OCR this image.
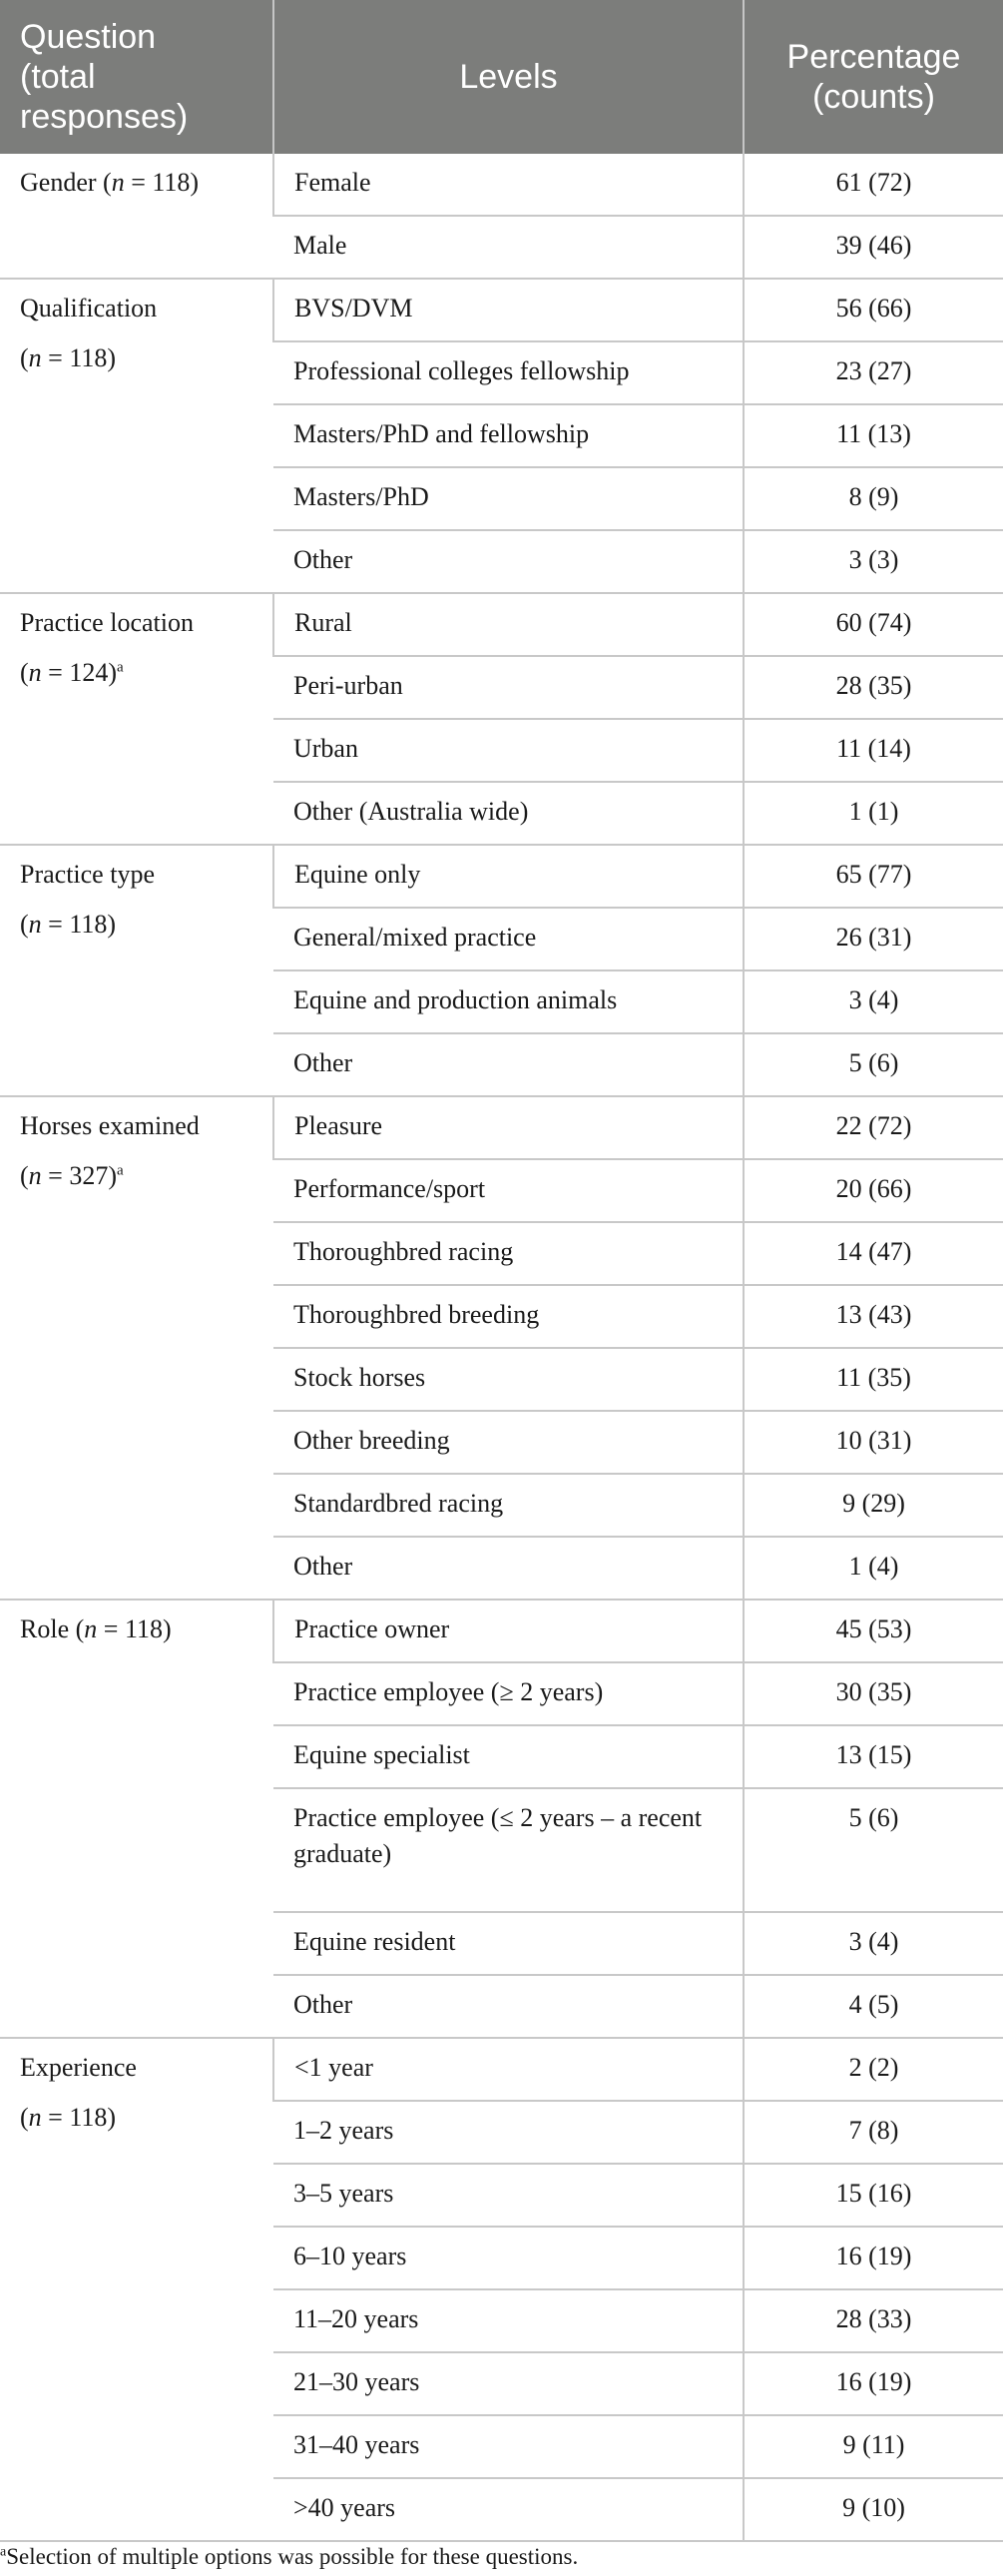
Question
(total
responses)	Levels	Percentage
(counts)

Gender (n = 118)	Female	61 (72)
	Male	39 (46)
Qualification
(n = 118)	BVS/DVM	56 (66)
	Professional colleges fellowship	23 (27)
	Masters/PhD and fellowship	11 (13)
	Masters/PhD	8 (9)
	Other	3 (3)
Practice location
(n = 124)$^a$	Rural	60 (74)
	Peri-urban	28 (35)
	Urban	11 (14)
	Other (Australia wide)	1 (1)
Practice type
(n = 118)	Equine only	65 (77)
	General/mixed practice	26 (31)
	Equine and production animals	3 (4)
	Other	5 (6)
Horses examined
(n = 327)$^a$	Pleasure	22 (72)
	Performance/sport	20 (66)
	Thoroughbred racing	14 (47)
	Thoroughbred breeding	13 (43)
	Stock horses	11 (35)
	Other breeding	10 (31)
	Standardbred racing	9 (29)
	Other	1 (4)
Role (n = 118)	Practice owner	45 (53)
	Practice employee (≥ 2 years)	30 (35)
	Equine specialist	13 (15)
	Practice employee (≤ 2 years – a recent graduate)	5 (6)
	Equine resident	3 (4)
	Other	4 (5)
Experience
(n = 118)	<1 year	2 (2)
	1–2 years	7 (8)
	3–5 years	15 (16)
	6–10 years	16 (19)
	11–20 years	28 (33)
	21–30 years	16 (19)
	31–40 years	9 (11)
	>40 years	9 (10)
$^a$Selection of multiple options was possible for these questions.
